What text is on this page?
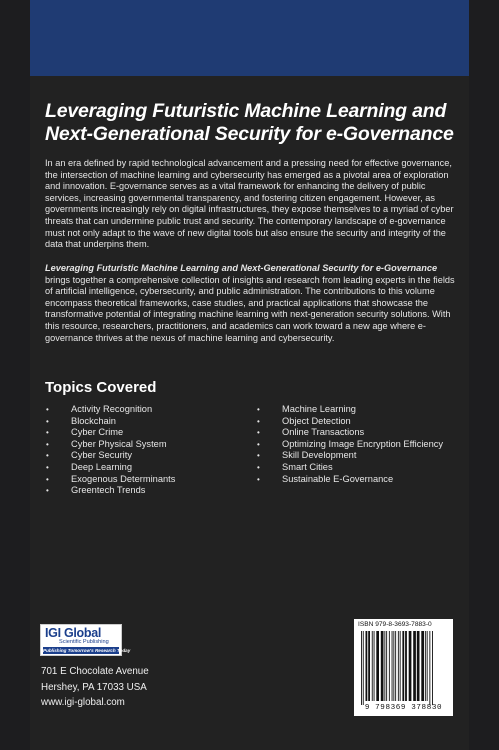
Leveraging Futuristic Machine Learning and Next-Generational Security for e-Governance

In an era defined by rapid technological advancement and a pressing need for effective governance, the intersection of machine learning and cybersecurity has emerged as a pivotal area of exploration and innovation. E-governance serves as a vital framework for enhancing the delivery of public services, increasing governmental transparency, and fostering citizen engagement. However, as governments increasingly rely on digital infrastructures, they expose themselves to a myriad of cyber threats that can undermine public trust and security. The contemporary landscape of e-governance must not only adapt to the wave of new digital tools but also ensure the security and integrity of the data that underpins them.

Leveraging Futuristic Machine Learning and Next-Generational Security for e-Governance brings together a comprehensive collection of insights and research from leading experts in the fields of artificial intelligence, cybersecurity, and public administration. The contributions to this volume encompass theoretical frameworks, case studies, and practical applications that showcase the transformative potential of integrating machine learning with next-generation security solutions. With this resource, researchers, practitioners, and academics can work toward a new age where e-governance thrives at the nexus of machine learning and cybersecurity.

Topics Covered
• Activity Recognition
• Blockchain
• Cyber Crime
• Cyber Physical System
• Cyber Security
• Deep Learning
• Exogenous Determinants
• Greentech Trends
• Machine Learning
• Object Detection
• Online Transactions
• Optimizing Image Encryption Efficiency
• Skill Development
• Smart Cities
• Sustainable E-Governance
IGI Global
Scientific Publishing
Publishing Tomorrow's Research Today

701 E Chocolate Avenue
Hershey, PA 17033 USA
www.igi-global.com

ISBN 979-8-3693-7883-0
9 798369 378830
